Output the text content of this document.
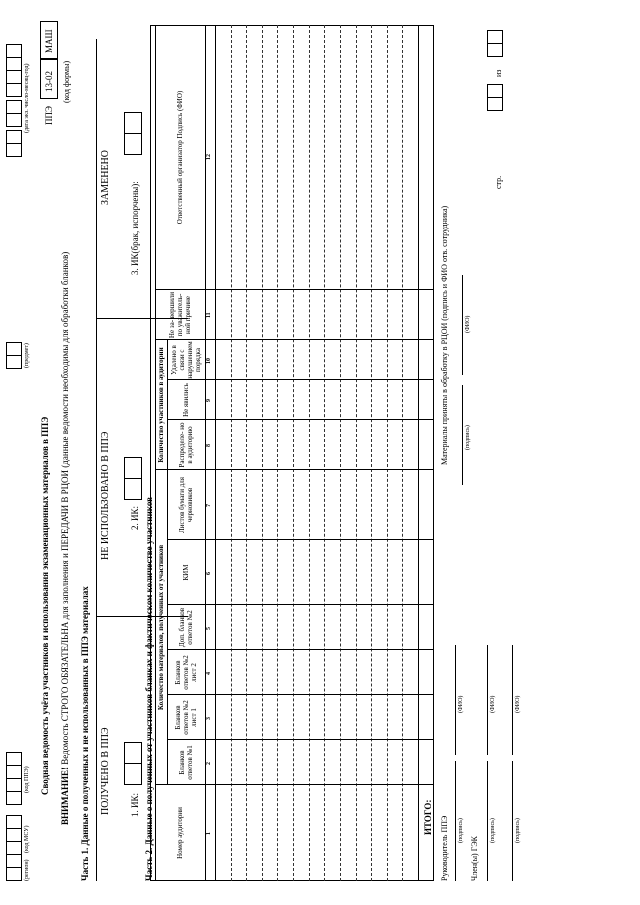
(регион)
(код МСУ)
(код ППЭ)
(предмет)
(дата экз. число-месяц-год) ППЭ
13-02
МАШ
(код формы)
Сводная ведомость учёта участников и использования экзаменационных материалов в ППЭ
ВНИМАНИЕ! Ведомость СТРОГО ОБЯЗАТЕЛЬНА для заполнения и ПЕРЕДАЧИ В РЦОИ (данные ведомости необходимы для обработки бланков) Часть 1. Данные о полученных и не использованных в ППЭ материалах ПОЛУЧЕНО В ППЭ
НЕ ИСПОЛЬЗОВАНО В ППЭ
ЗАМЕНЕНО
1. ИК:
2. ИК:
3. ИК(брак, испорчены):
Часть 2. Данные о полученных от участников бланках и фактическом количестве участников Количество материалов, полученных от участников
Количество участников в аудитории
Номер аудитории
Бланков ответов №1
Бланков ответов №2 лист 1
Бланков ответов №2 лист 2
Доп. бланков ответов №2
КИМ
Листов бумаги для черновиков
Распределе- но в аудиторию
Не явились
Удалено в связи с нарушением порядка
Не за- вершили по уважитель- ной причине
Ответственный организатор Подпись (ФИО)
1
2
3
4
5
6
7
8
9
10
11
12
ИТОГО: Руководитель ППЭ (подпись)
(ФИО)
Член(ы) ГЭК
(подпись)
(ФИО)
(подпись)
(ФИО)
Материалы приняты в обработку в РЦОИ (подпись и ФИО отв. сотрудника)	(подпись)
(ФИО)
стр.
из
